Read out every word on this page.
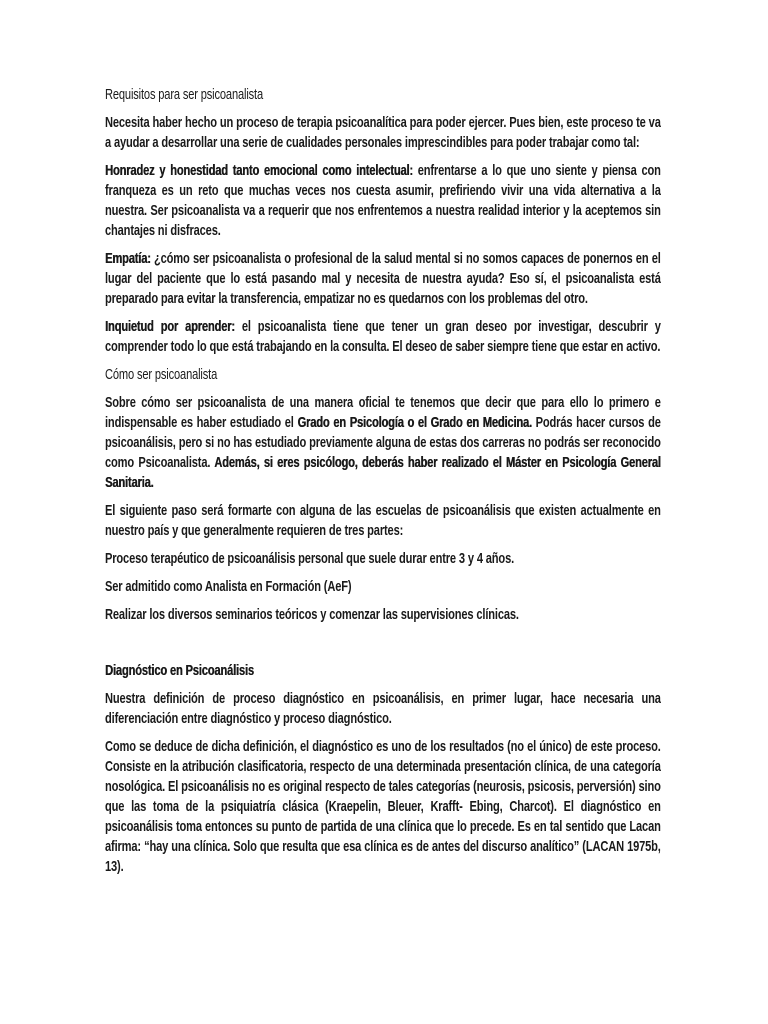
Requisitos para ser psicoanalista
Necesita haber hecho un proceso de terapia psicoanalítica para poder ejercer. Pues bien, este proceso te va a ayudar a desarrollar una serie de cualidades personales imprescindibles para poder trabajar como tal:
Honradez y honestidad tanto emocional como intelectual: enfrentarse a lo que uno siente y piensa con franqueza es un reto que muchas veces nos cuesta asumir, prefiriendo vivir una vida alternativa a la nuestra. Ser psicoanalista va a requerir que nos enfrentemos a nuestra realidad interior y la aceptemos sin chantajes ni disfraces.
Empatía: ¿cómo ser psicoanalista o profesional de la salud mental si no somos capaces de ponernos en el lugar del paciente que lo está pasando mal y necesita de nuestra ayuda? Eso sí, el psicoanalista está preparado para evitar la transferencia, empatizar no es quedarnos con los problemas del otro.
Inquietud por aprender: el psicoanalista tiene que tener un gran deseo por investigar, descubrir y comprender todo lo que está trabajando en la consulta. El deseo de saber siempre tiene que estar en activo.
Cómo ser psicoanalista
Sobre cómo ser psicoanalista de una manera oficial te tenemos que decir que para ello lo primero e indispensable es haber estudiado el Grado en Psicología o el Grado en Medicina. Podrás hacer cursos de psicoanálisis, pero si no has estudiado previamente alguna de estas dos carreras no podrás ser reconocido como Psicoanalista. Además, si eres psicólogo, deberás haber realizado el Máster en Psicología General Sanitaria.
El siguiente paso será formarte con alguna de las escuelas de psicoanálisis que existen actualmente en nuestro país y que generalmente requieren de tres partes:
Proceso terapéutico de psicoanálisis personal que suele durar entre 3 y 4 años.
Ser admitido como Analista en Formación (AeF)
Realizar los diversos seminarios teóricos y comenzar las supervisiones clínicas.
Diagnóstico en Psicoanálisis
Nuestra definición de proceso diagnóstico en psicoanálisis, en primer lugar, hace necesaria una diferenciación entre diagnóstico y proceso diagnóstico.
Como se deduce de dicha definición, el diagnóstico es uno de los resultados (no el único) de este proceso. Consiste en la atribución clasificatoria, respecto de una determinada presentación clínica, de una categoría nosológica. El psicoanálisis no es original respecto de tales categorías (neurosis, psicosis, perversión) sino que las toma de la psiquiatría clásica (Kraepelin, Bleuer, Krafft- Ebing, Charcot). El diagnóstico en psicoanálisis toma entonces su punto de partida de una clínica que lo precede. Es en tal sentido que Lacan afirma: “hay una clínica. Solo que resulta que esa clínica es de antes del discurso analítico” (LACAN 1975b, 13).
